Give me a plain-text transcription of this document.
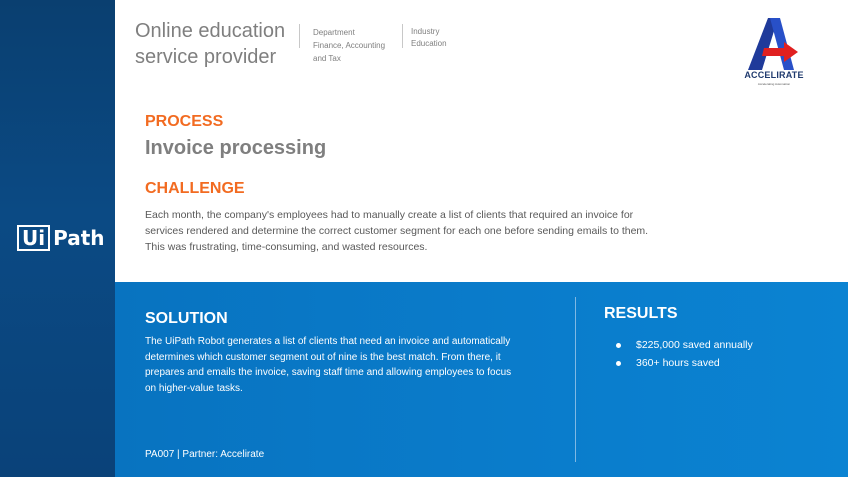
Ui Path
Online education
service provider
Department
Finance, Accounting
and Tax
Industry
Education
ACCELIRATE
Accelerating Automation
PROCESS
Invoice processing
CHALLENGE
Each month, the company's employees had to manually create a list of clients that required an invoice for services rendered and determine the correct customer segment for each one before sending emails to them. This was frustrating, time-consuming, and wasted resources.
SOLUTION
The UiPath Robot generates a list of clients that need an invoice and automatically determines which customer segment out of nine is the best match. From there, it prepares and emails the invoice, saving staff time and allowing employees to focus on higher-value tasks.
RESULTS
$225,000 saved annually
360+ hours saved
PA007 | Partner: Accelirate
